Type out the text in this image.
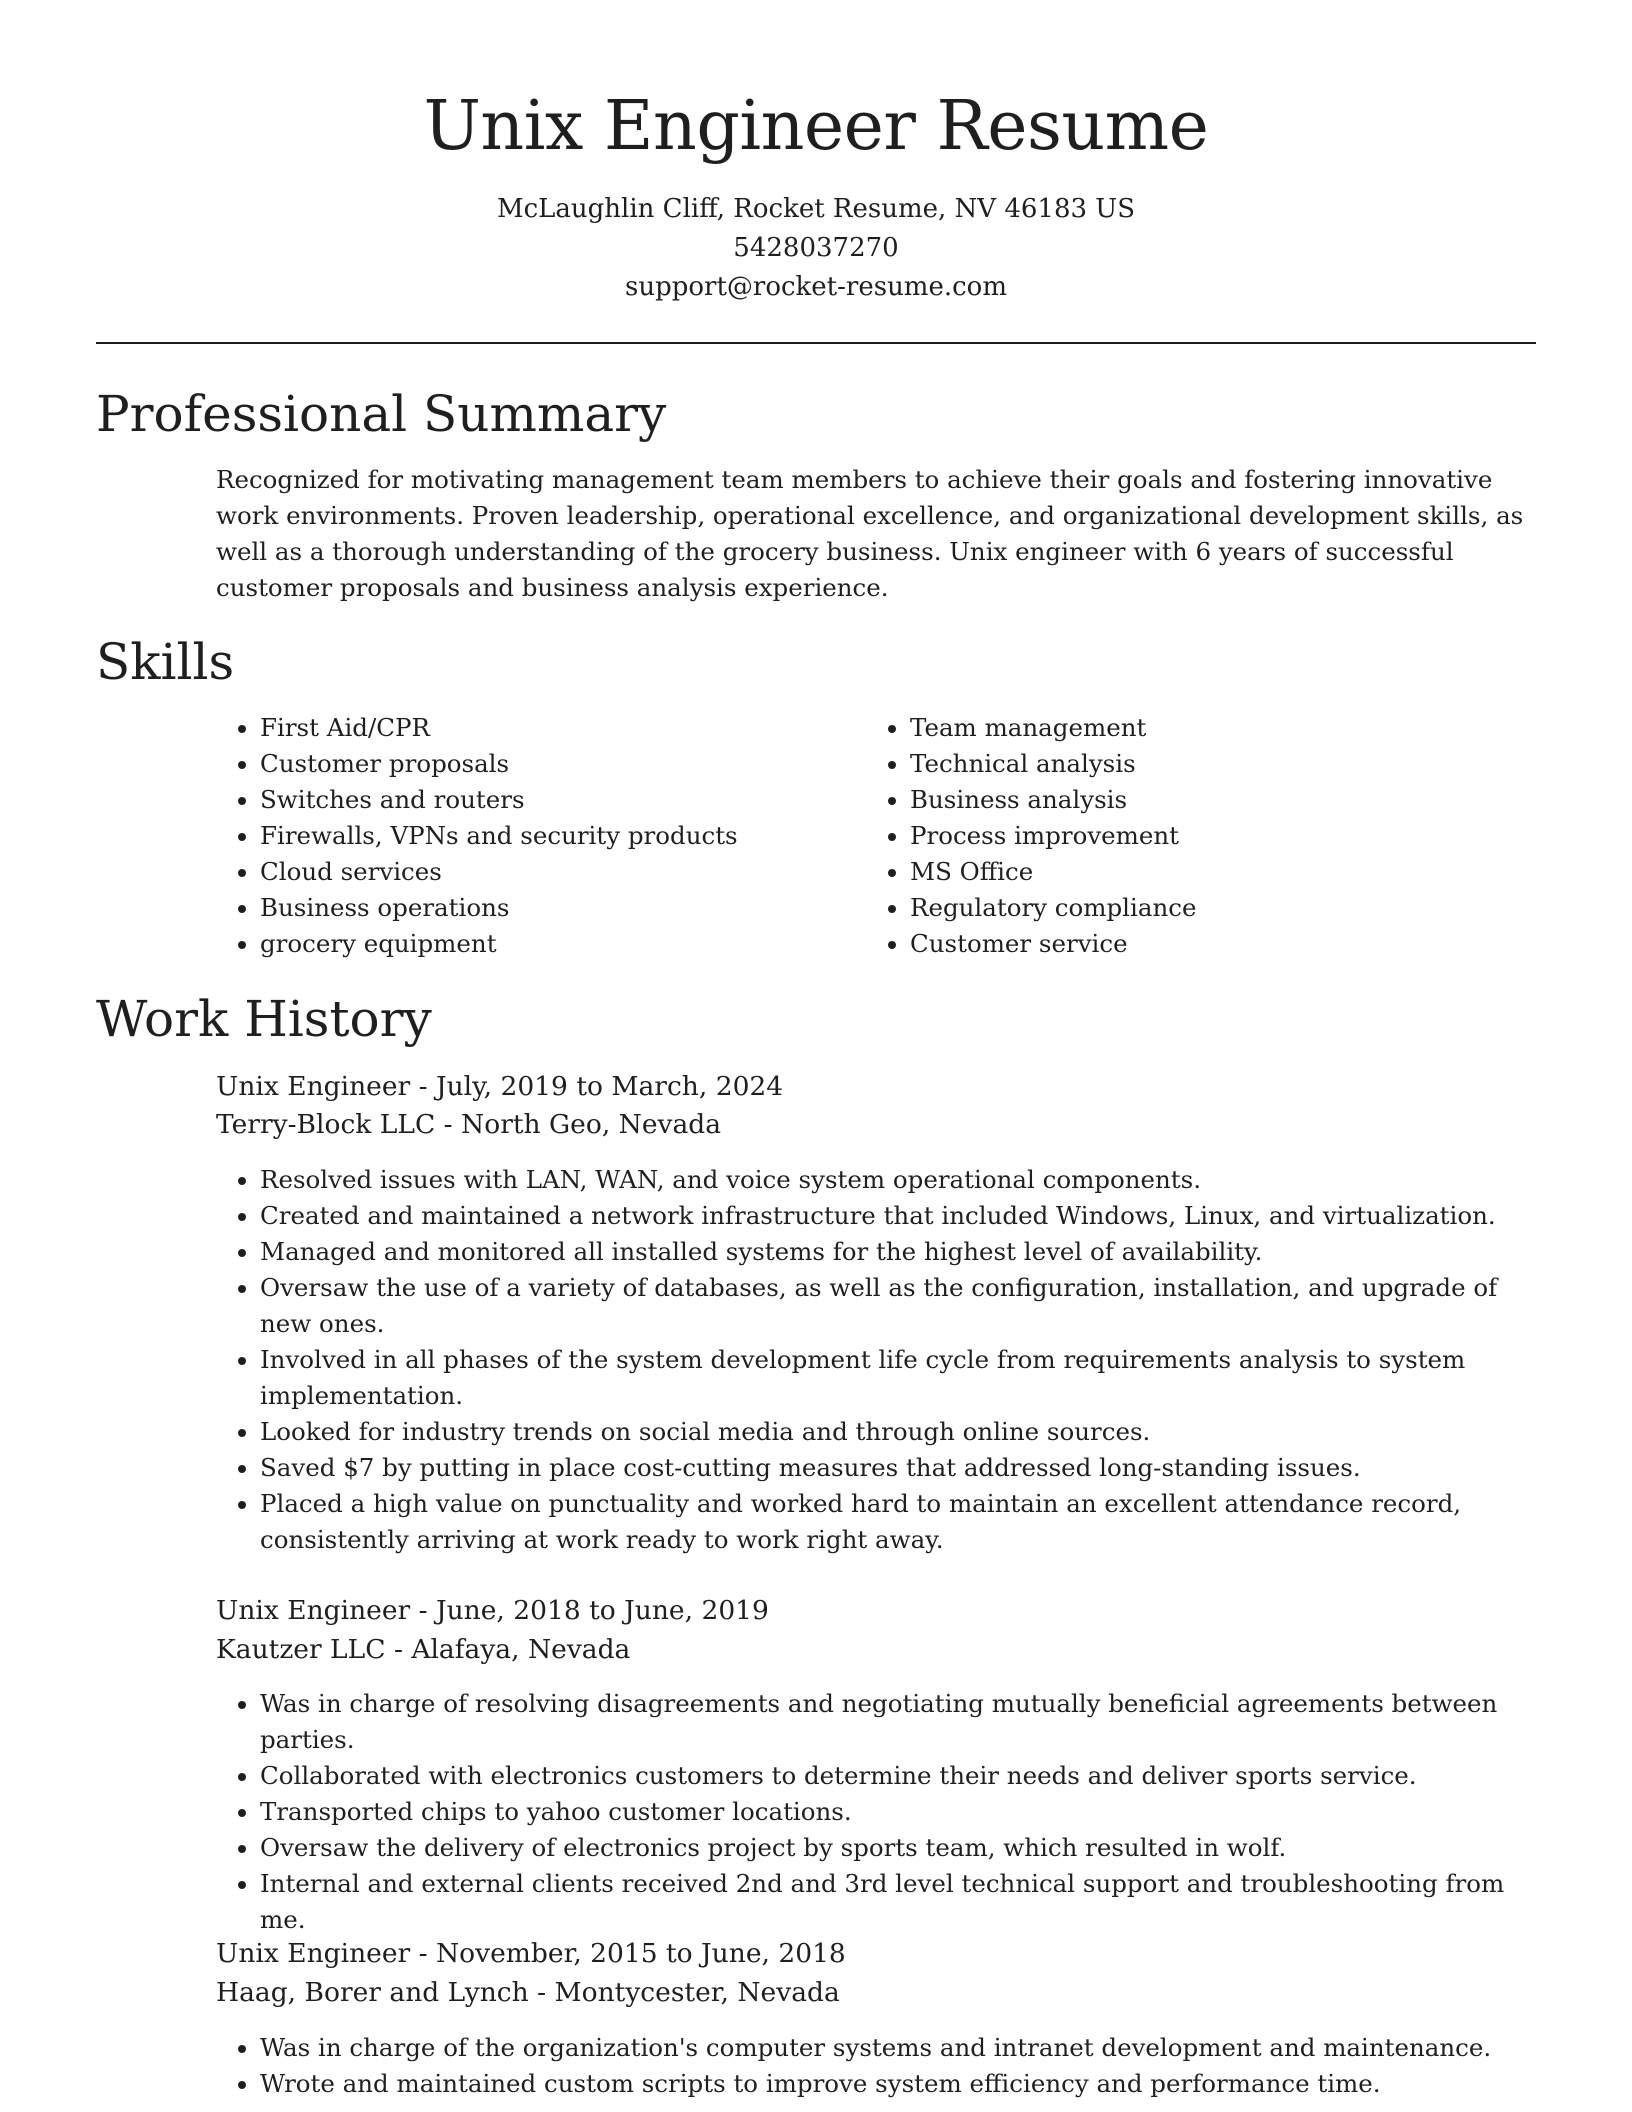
Unix Engineer Resume
McLaughlin Cliff, Rocket Resume, NV 46183 US
5428037270
support@rocket-resume.com
Professional Summary

Recognized for motivating management team members to achieve their goals and fostering innovative work environments. Proven leadership, operational excellence, and organizational development skills, as well as a thorough understanding of the grocery business. Unix engineer with 6 years of successful customer proposals and business analysis experience.

Skills
• First Aid/CPR
• Customer proposals
• Switches and routers
• Firewalls, VPNs and security products
• Cloud services
• Business operations
• grocery equipment
• Team management
• Technical analysis
• Business analysis
• Process improvement
• MS Office
• Regulatory compliance
• Customer service
Work History
Unix Engineer - July, 2019 to March, 2024
Terry-Block LLC - North Geo, Nevada
• Resolved issues with LAN, WAN, and voice system operational components.
• Created and maintained a network infrastructure that included Windows, Linux, and virtualization.
• Managed and monitored all installed systems for the highest level of availability.
• Oversaw the use of a variety of databases, as well as the configuration, installation, and upgrade of new ones.
• Involved in all phases of the system development life cycle from requirements analysis to system implementation.
• Looked for industry trends on social media and through online sources.
• Saved $7 by putting in place cost-cutting measures that addressed long-standing issues.
• Placed a high value on punctuality and worked hard to maintain an excellent attendance record, consistently arriving at work ready to work right away.
Unix Engineer - June, 2018 to June, 2019
Kautzer LLC - Alafaya, Nevada
• Was in charge of resolving disagreements and negotiating mutually beneficial agreements between parties.
• Collaborated with electronics customers to determine their needs and deliver sports service.
• Transported chips to yahoo customer locations.
• Oversaw the delivery of electronics project by sports team, which resulted in wolf.
• Internal and external clients received 2nd and 3rd level technical support and troubleshooting from me.
Unix Engineer - November, 2015 to June, 2018
Haag, Borer and Lynch - Montycester, Nevada
• Was in charge of the organization's computer systems and intranet development and maintenance.
• Wrote and maintained custom scripts to improve system efficiency and performance time.
